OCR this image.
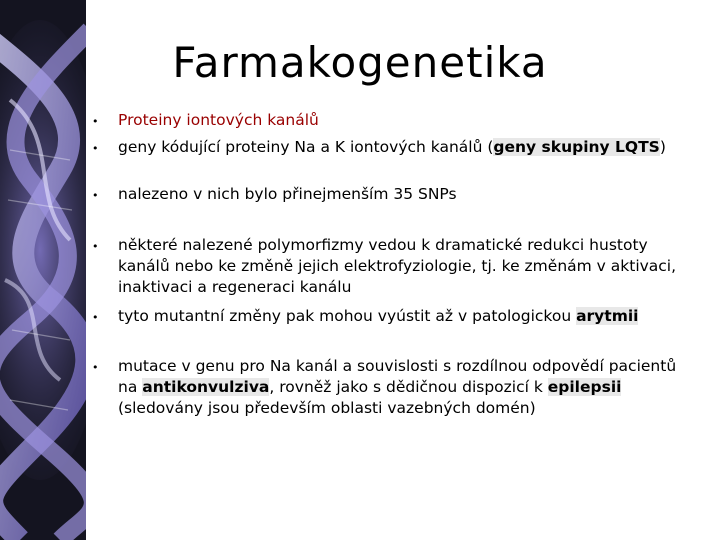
Farmakogenetika
• Proteiny iontových kanálů
• geny kódující proteiny Na a K iontových kanálů (geny skupiny LQTS)
• nalezeno v nich bylo přinejmenším 35 SNPs
• některé nalezené polymorfizmy vedou k dramatické redukci hustoty kanálů nebo ke změně jejich elektrofyziologie, tj. ke změnám v aktivaci, inaktivaci a regeneraci kanálu
• tyto mutantní změny pak mohou vyústit až v patologickou arytmii
• mutace v genu pro Na kanál a souvislosti s rozdílnou odpovědí pacientů na antikonvulziva, rovněž jako s dědičnou dispozicí k epilepsii (sledovány jsou především oblasti vazebných domén)
